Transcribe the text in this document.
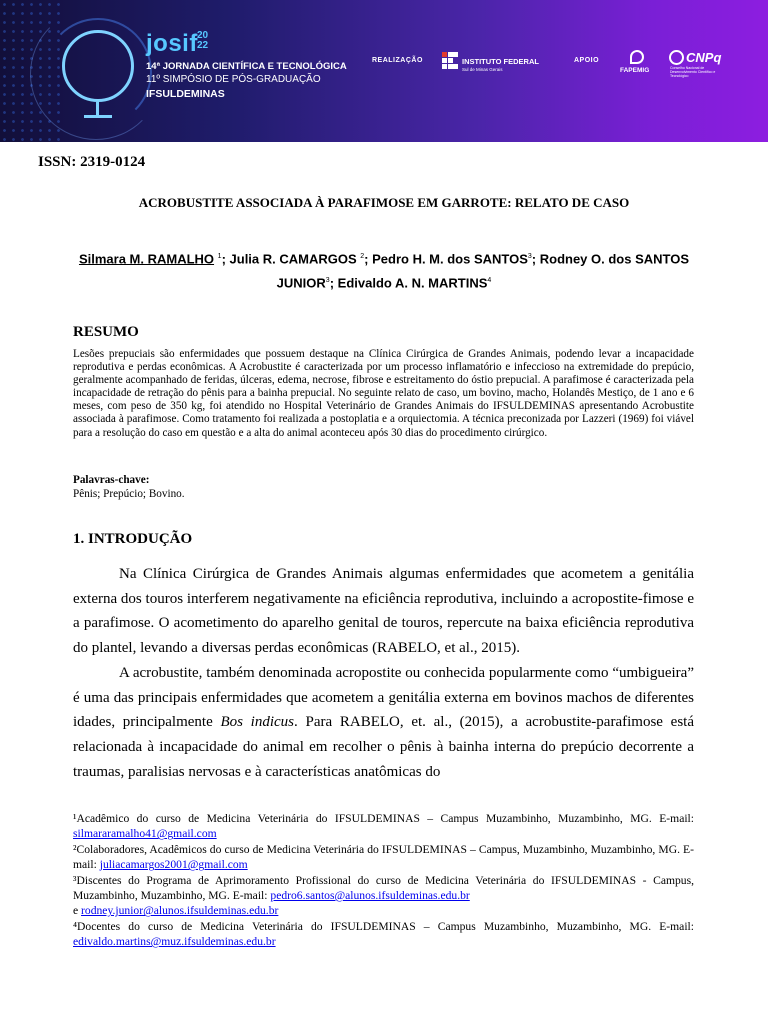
josif 20
22
14ª JORNADA CIENTÍFICA E TECNOLÓGICA
11º SIMPÓSIO DE PÓS-GRADUAÇÃO
IFSULDEMINAS
REALIZAÇÃO	INSTITUTO FEDERAL
Sul de Minas Gerais
APOIO
FAPEMIG
CNPq
Conselho Nacional de Desenvolvimento Científico e Tecnológico
ISSN: 2319-0124
ACROBUSTITE ASSOCIADA À PARAFIMOSE EM GARROTE: RELATO DE CASO
Silmara M. RAMALHO $^1$; Julia R. CAMARGOS $^2$; Pedro H. M. dos SANTOS$^3$; Rodney O. dos SANTOS JUNIOR$^3$; Edivaldo A. N. MARTINS$^4$
RESUMO
Lesões prepuciais são enfermidades que possuem destaque na Clínica Cirúrgica de Grandes Animais, podendo levar a incapacidade reprodutiva e perdas econômicas. A Acrobustite é caracterizada por um processo inflamatório e infeccioso na extremidade do prepúcio, geralmente acompanhado de feridas, úlceras, edema, necrose, fibrose e estreitamento do óstio prepucial. A parafimose é caracterizada pela incapacidade de retração do pênis para a bainha prepucial. No seguinte relato de caso, um bovino, macho, Holandês Mestiço, de 1 ano e 6 meses, com peso de 350 kg, foi atendido no Hospital Veterinário de Grandes Animais do IFSULDEMINAS apresentando Acrobustite associada à parafimose. Como tratamento foi realizada a postoplatia e a orquiectomia. A técnica preconizada por Lazzeri (1969) foi viável para a resolução do caso em questão e a alta do animal aconteceu após 30 dias do procedimento cirúrgico.
Palavras-chave:
Pênis; Prepúcio; Bovino.
1. INTRODUÇÃO

Na Clínica Cirúrgica de Grandes Animais algumas enfermidades que acometem a genitália externa dos touros interferem negativamente na eficiência reprodutiva, incluindo a acropostite-fimose e a parafimose. O acometimento do aparelho genital de touros, repercute na baixa eficiência reprodutiva do plantel, levando a diversas perdas econômicas (RABELO, et al., 2015).

A acrobustite, também denominada acropostite ou conhecida popularmente como “umbigueira” é uma das principais enfermidades que acometem a genitália externa em bovinos machos de diferentes idades, principalmente Bos indicus. Para RABELO, et. al., (2015), a acrobustite-parafimose está relacionada à incapacidade do animal em recolher o pênis à bainha interna do prepúcio decorrente a traumas, paralisias nervosas e à características anatômicas do

¹Acadêmico do curso de Medicina Veterinária do IFSULDEMINAS – Campus Muzambinho, Muzambinho, MG. E-mail: silmararamalho41@gmail.com

²Colaboradores, Acadêmicos do curso de Medicina Veterinária do IFSULDEMINAS – Campus, Muzambinho, Muzambinho, MG. E-mail: juliacamargos2001@gmail.com

³Discentes do Programa de Aprimoramento Profissional do curso de Medicina Veterinária do IFSULDEMINAS - Campus, Muzambinho, Muzambinho, MG. E-mail: pedro6.santos@alunos.ifsuldeminas.edu.br
e rodney.junior@alunos.ifsuldeminas.edu.br

⁴Docentes do curso de Medicina Veterinária do IFSULDEMINAS – Campus Muzambinho, Muzambinho, MG. E-mail: edivaldo.martins@muz.ifsuldeminas.edu.br
